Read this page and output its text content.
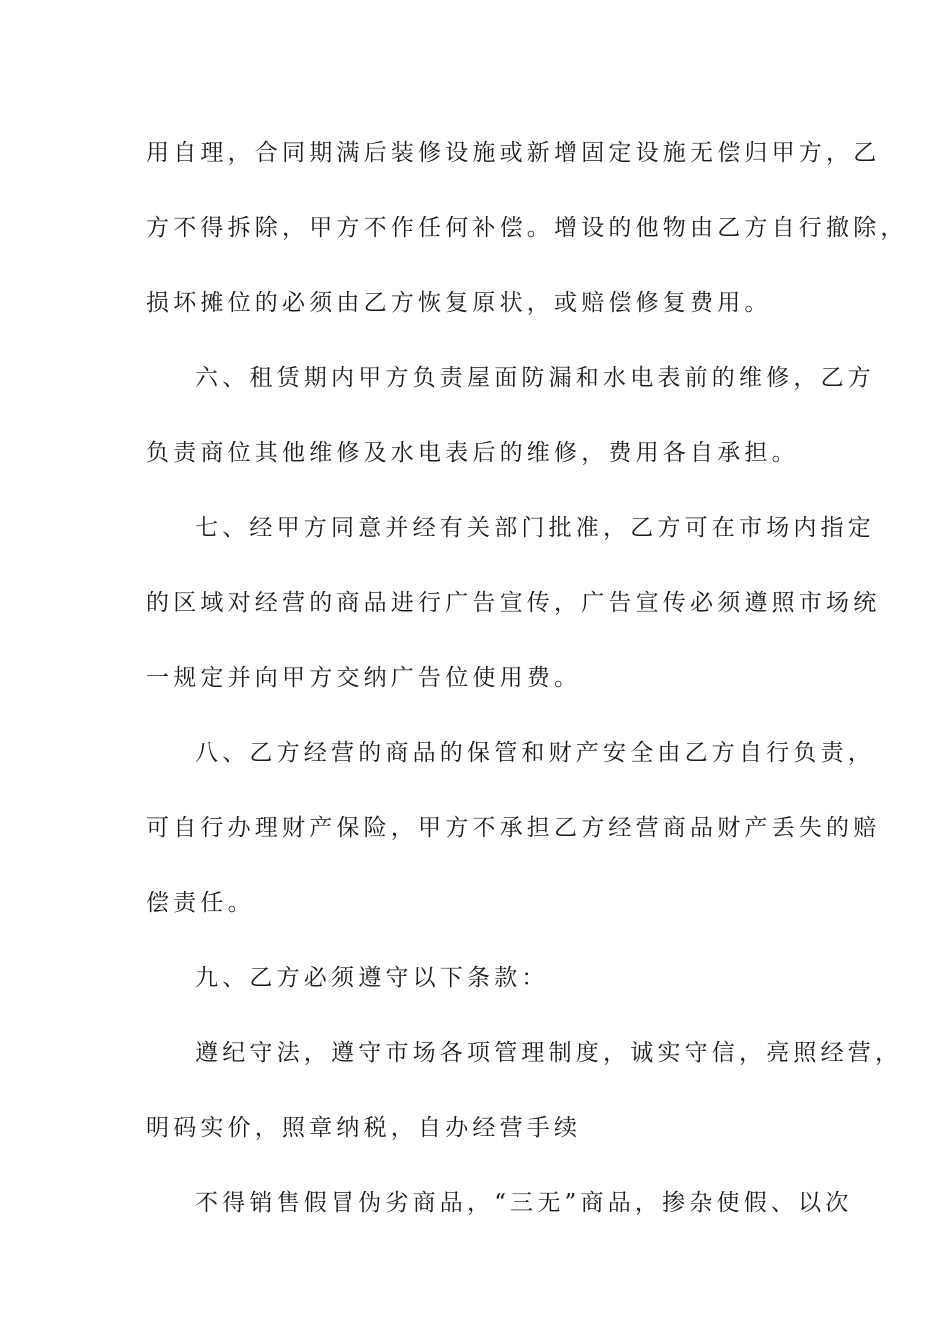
用自理，合同期满后装修设施或新增固定设施无偿归甲方，乙
方不得拆除，甲方不作任何补偿。增设的他物由乙方自行撤除，
损坏摊位的必须由乙方恢复原状，或赔偿修复费用。
六、租赁期内甲方负责屋面防漏和水电表前的维修，乙方
负责商位其他维修及水电表后的维修，费用各自承担。
七、经甲方同意并经有关部门批准，乙方可在市场内指定
的区域对经营的商品进行广告宣传，广告宣传必须遵照市场统
一规定并向甲方交纳广告位使用费。
八、乙方经营的商品的保管和财产安全由乙方自行负责，
可自行办理财产保险，甲方不承担乙方经营商品财产丢失的赔
偿责任。
九、乙方必须遵守以下条款：
遵纪守法，遵守市场各项管理制度，诚实守信，亮照经营，
明码实价，照章纳税，自办经营手续
不得销售假冒伪劣商品，“三无”商品，掺杂使假、以次
